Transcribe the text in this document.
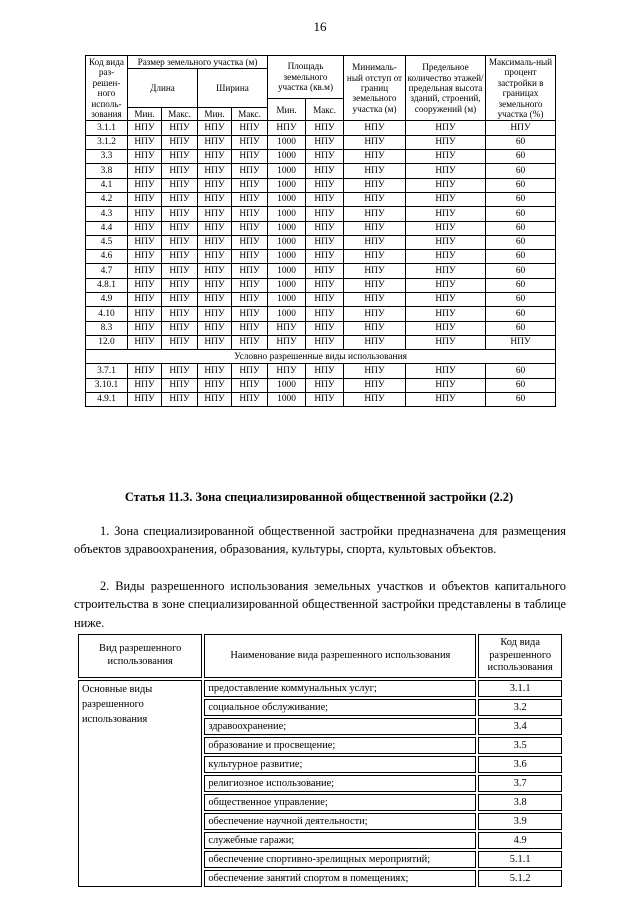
16
Код вида раз-решен-ного исполь-зования	Размер земельного участка (м)				Площадь земельного участка (кв.м)		Минималь-ный отступ от границ земельного участка (м)	Предельное количество этажей/ предельная высота зданий, строений, сооружений (м)	Максималь-ный процент застройки в границах земельного участка (%)
	Длина		Ширина						
					Мин.	Макс.			
	Мин.	Макс.	Мин.	Макс.					
3.1.1	НПУ	НПУ	НПУ	НПУ	НПУ	НПУ	НПУ	НПУ	НПУ
3.1.2	НПУ	НПУ	НПУ	НПУ	1000	НПУ	НПУ	НПУ	60
3.3	НПУ	НПУ	НПУ	НПУ	1000	НПУ	НПУ	НПУ	60
3.8	НПУ	НПУ	НПУ	НПУ	1000	НПУ	НПУ	НПУ	60
4.1	НПУ	НПУ	НПУ	НПУ	1000	НПУ	НПУ	НПУ	60
4.2	НПУ	НПУ	НПУ	НПУ	1000	НПУ	НПУ	НПУ	60
4.3	НПУ	НПУ	НПУ	НПУ	1000	НПУ	НПУ	НПУ	60
4.4	НПУ	НПУ	НПУ	НПУ	1000	НПУ	НПУ	НПУ	60
4.5	НПУ	НПУ	НПУ	НПУ	1000	НПУ	НПУ	НПУ	60
4.6	НПУ	НПУ	НПУ	НПУ	1000	НПУ	НПУ	НПУ	60
4.7	НПУ	НПУ	НПУ	НПУ	1000	НПУ	НПУ	НПУ	60
4.8.1	НПУ	НПУ	НПУ	НПУ	1000	НПУ	НПУ	НПУ	60
4.9	НПУ	НПУ	НПУ	НПУ	1000	НПУ	НПУ	НПУ	60
4.10	НПУ	НПУ	НПУ	НПУ	1000	НПУ	НПУ	НПУ	60
8.3	НПУ	НПУ	НПУ	НПУ	НПУ	НПУ	НПУ	НПУ	60
12.0	НПУ	НПУ	НПУ	НПУ	НПУ	НПУ	НПУ	НПУ	НПУ
Условно разрешенные виды использования									
3.7.1	НПУ	НПУ	НПУ	НПУ	НПУ	НПУ	НПУ	НПУ	60
3.10.1	НПУ	НПУ	НПУ	НПУ	1000	НПУ	НПУ	НПУ	60
4.9.1	НПУ	НПУ	НПУ	НПУ	1000	НПУ	НПУ	НПУ	60
Статья 11.3. Зона специализированной общественной застройки (2.2)
1. Зона специализированной общественной застройки предназначена для размещения объектов здравоохранения, образования, культуры, спорта, культовых объектов.
2. Виды разрешенного использования земельных участков и объектов капитального строительства в зоне специализированной общественной застройки представлены в таблице ниже.
Вид разрешенного использования	Наименование вида разрешенного использования	Код вида разрешенного использования
Основные виды разрешенного использования	предоставление коммунальных услуг;	3.1.1
	социальное обслуживание;	3.2
	здравоохранение;	3.4
	образование и просвещение;	3.5
	культурное развитие;	3.6
	религиозное использование;	3.7
	общественное управление;	3.8
	обеспечение научной деятельности;	3.9
	служебные гаражи;	4.9
	обеспечение спортивно-зрелищных мероприятий;	5.1.1
	обеспечение занятий спортом в помещениях;	5.1.2
